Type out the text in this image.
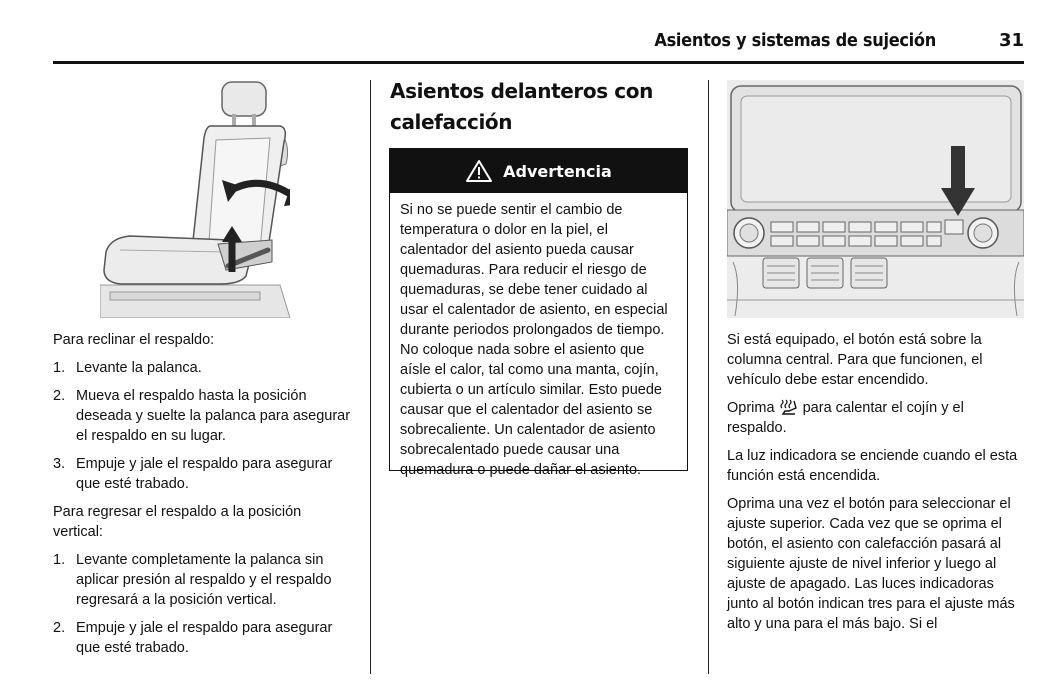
Asientos y sistemas de sujeción	31

Para reclinar el respaldo:

1. Levante la palanca.
2. Mueva el respaldo hasta la posición deseada y suelte la palanca para asegurar el respaldo en su lugar.
3. Empuje y jale el respaldo para asegurar que esté trabado.

Para regresar el respaldo a la posición vertical:

1. Levante completamente la palanca sin aplicar presión al respaldo y el respaldo regresará a la posición vertical.
2. Empuje y jale el respaldo para asegurar que esté trabado.
Asientos delanteros con calefacción
Advertencia
Si no se puede sentir el cambio de temperatura o dolor en la piel, el calentador del asiento pueda causar quemaduras. Para reducir el riesgo de quemaduras, se debe tener cuidado al usar el calentador de asiento, en especial durante periodos prolongados de tiempo. No coloque nada sobre el asiento que aísle el calor, tal como una manta, cojín, cubierta o un artículo similar. Esto puede causar que el calentador del asiento se sobrecaliente. Un calentador de asiento sobrecalentado puede causar una quemadura o puede dañar el asiento.

Si está equipado, el botón está sobre la columna central. Para que funcionen, el vehículo debe estar encendido.

Oprima para calentar el cojín y el respaldo.

La luz indicadora se enciende cuando el esta función está encendida.

Oprima una vez el botón para seleccionar el ajuste superior. Cada vez que se oprima el botón, el asiento con calefacción pasará al siguiente ajuste de nivel inferior y luego al ajuste de apagado. Las luces indicadoras junto al botón indican tres para el ajuste más alto y una para el más bajo. Si el
